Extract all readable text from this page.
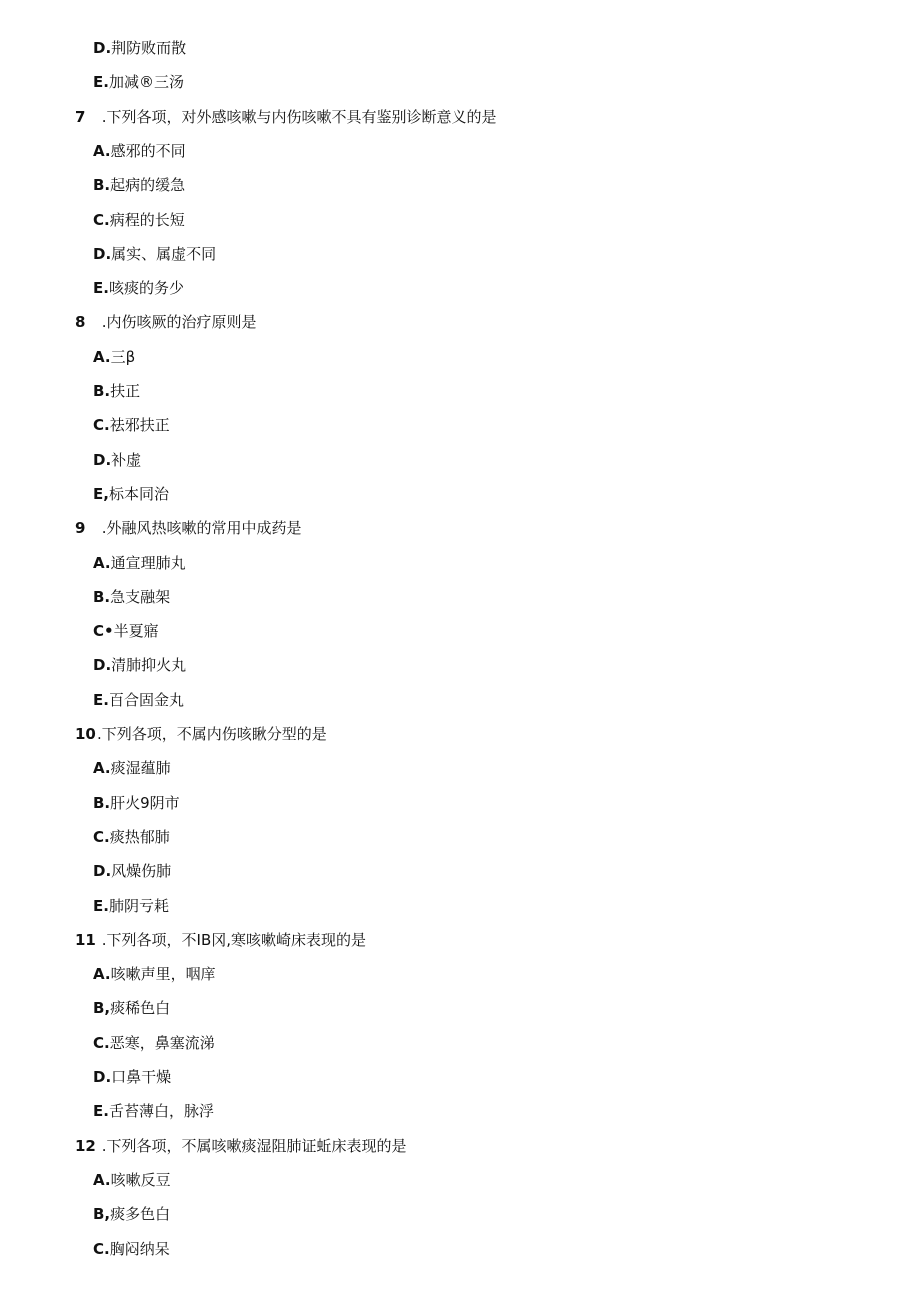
D.荆防败而散
E.加减®三汤
7 .下列各项，对外感咳嗽与内伤咳嗽不具有鉴别诊断意义的是
A.感邪的不同
B.起病的缓急
C.病程的长短
D.属实、属虚不同
E.咳痰的务少
8 .内伤咳厥的治疗原则是
A.三β
B.扶正
C.祛邪扶正
D.补虚
E,标本同治
9 .外融风热咳嗽的常用中成药是
A.通宣理肺丸
B.急支融架
C•半夏寤
D.清肺抑火丸
E.百合固金丸
10.下列各项，不属内伤咳瞅分型的是
A.痰湿蕴肺
B.肝火9阴市
C.痰热郁肺
D.风燥伤肺
E.肺阴亏耗
11 .下列各项，不IB冈,寒咳嗽崎床表现的是
A.咳嗽声里，咽庠
B,痰稀色白
C.恶寒，鼻塞流涕
D.口鼻干燥
E.舌苔薄白，脉浮
12 .下列各项，不属咳嗽痰湿阻肺证蚯床表现的是
A.咳嗽反豆
B,痰多色白
C.胸闷纳呆
